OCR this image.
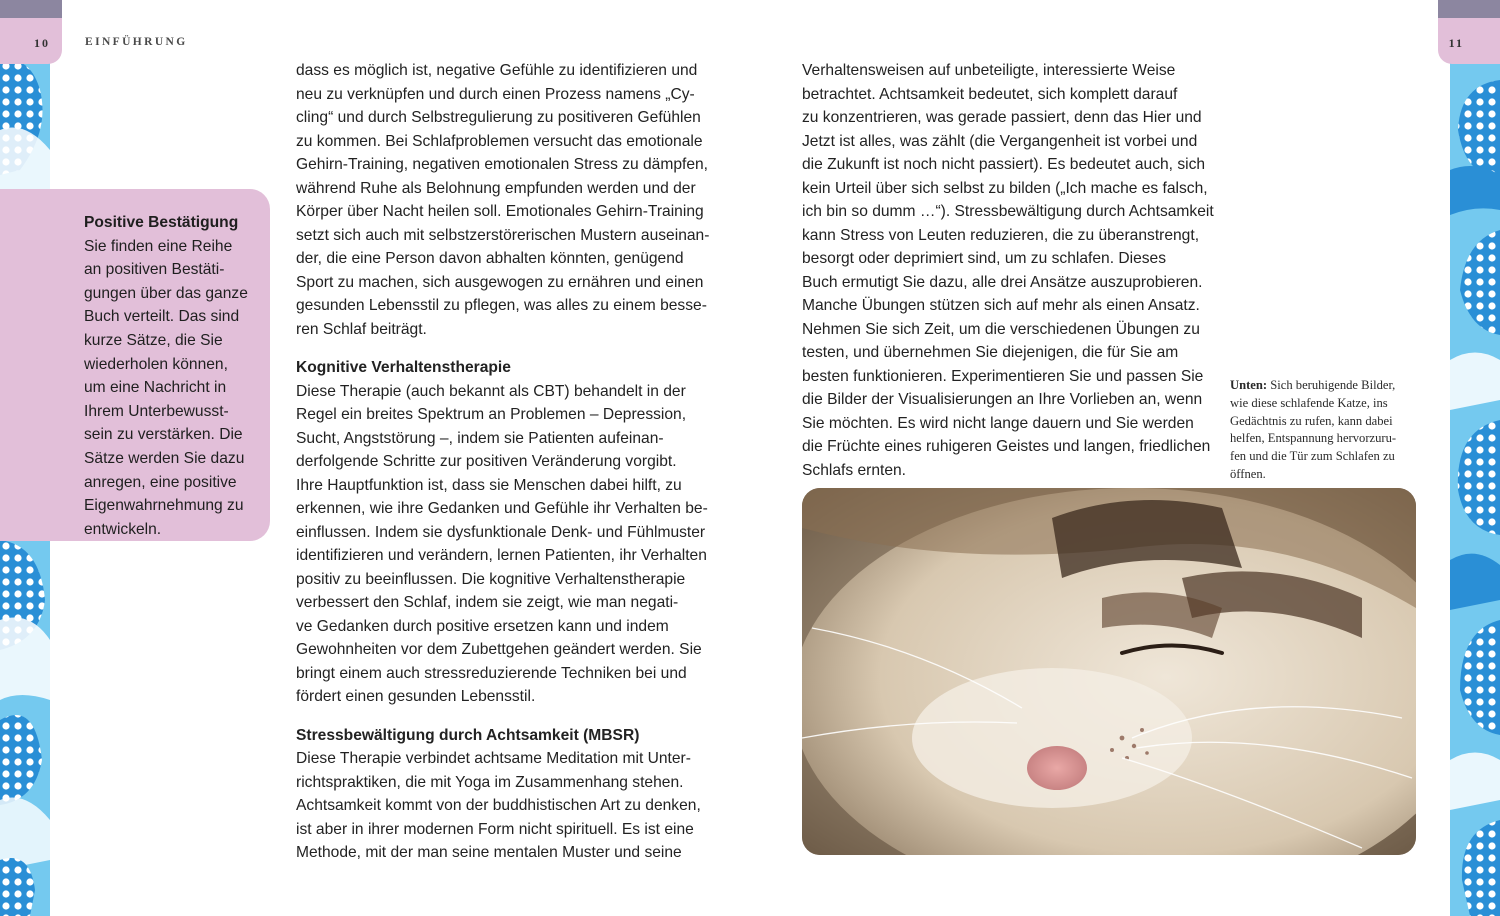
10	EINFÜHRUNG	11
Positive Bestätigung
Sie finden eine Reihe
an positiven Bestäti-
gungen über das ganze
Buch verteilt. Das sind
kurze Sätze, die Sie
wiederholen können,
um eine Nachricht in
Ihrem Unterbewusst-
sein zu verstärken. Die
Sätze werden Sie dazu
anregen, eine positive
Eigenwahrnehmung zu
entwickeln.
dass es möglich ist, negative Gefühle zu identifizieren und
neu zu verknüpfen und durch einen Prozess namens „Cy-
cling“ und durch Selbstregulierung zu positiveren Gefühlen
zu kommen. Bei Schlafproblemen versucht das emotionale
Gehirn-Training, negativen emotionalen Stress zu dämpfen,
während Ruhe als Belohnung empfunden werden und der
Körper über Nacht heilen soll. Emotionales Gehirn-Training
setzt sich auch mit selbstzerstörerischen Mustern auseinan-
der, die eine Person davon abhalten könnten, genügend
Sport zu machen, sich ausgewogen zu ernähren und einen
gesunden Lebensstil zu pflegen, was alles zu einem besse-
ren Schlaf beiträgt.
Kognitive Verhaltenstherapie
Diese Therapie (auch bekannt als CBT) behandelt in der
Regel ein breites Spektrum an Problemen – Depression,
Sucht, Angststörung –, indem sie Patienten aufeinan-
derfolgende Schritte zur positiven Veränderung vorgibt.
Ihre Hauptfunktion ist, dass sie Menschen dabei hilft, zu
erkennen, wie ihre Gedanken und Gefühle ihr Verhalten be-
einflussen. Indem sie dysfunktionale Denk- und Fühlmuster
identifizieren und verändern, lernen Patienten, ihr Verhalten
positiv zu beeinflussen. Die kognitive Verhaltenstherapie
verbessert den Schlaf, indem sie zeigt, wie man negati-
ve Gedanken durch positive ersetzen kann und indem
Gewohnheiten vor dem Zubettgehen geändert werden. Sie
bringt einem auch stressreduzierende Techniken bei und
fördert einen gesunden Lebensstil.
Stressbewältigung durch Achtsamkeit (MBSR)
Diese Therapie verbindet achtsame Meditation mit Unter-
richtspraktiken, die mit Yoga im Zusammenhang stehen.
Achtsamkeit kommt von der buddhistischen Art zu denken,
ist aber in ihrer modernen Form nicht spirituell. Es ist eine
Methode, mit der man seine mentalen Muster und seine
Verhaltensweisen auf unbeteiligte, interessierte Weise
betrachtet. Achtsamkeit bedeutet, sich komplett darauf
zu konzentrieren, was gerade passiert, denn das Hier und
Jetzt ist alles, was zählt (die Vergangenheit ist vorbei und
die Zukunft ist noch nicht passiert). Es bedeutet auch, sich
kein Urteil über sich selbst zu bilden („Ich mache es falsch,
ich bin so dumm …“). Stressbewältigung durch Achtsamkeit
kann Stress von Leuten reduzieren, die zu überanstrengt,
besorgt oder deprimiert sind, um zu schlafen. Dieses
Buch ermutigt Sie dazu, alle drei Ansätze auszuprobieren.
Manche Übungen stützen sich auf mehr als einen Ansatz.
Nehmen Sie sich Zeit, um die verschiedenen Übungen zu
testen, und übernehmen Sie diejenigen, die für Sie am
besten funktionieren. Experimentieren Sie und passen Sie
die Bilder der Visualisierungen an Ihre Vorlieben an, wenn
Sie möchten. Es wird nicht lange dauern und Sie werden
die Früchte eines ruhigeren Geistes und langen, friedlichen
Schlafs ernten.
Unten: Sich beruhigende Bilder,
wie diese schlafende Katze, ins
Gedächtnis zu rufen, kann dabei
helfen, Entspannung hervorzuru-
fen und die Tür zum Schlafen zu
öffnen.
